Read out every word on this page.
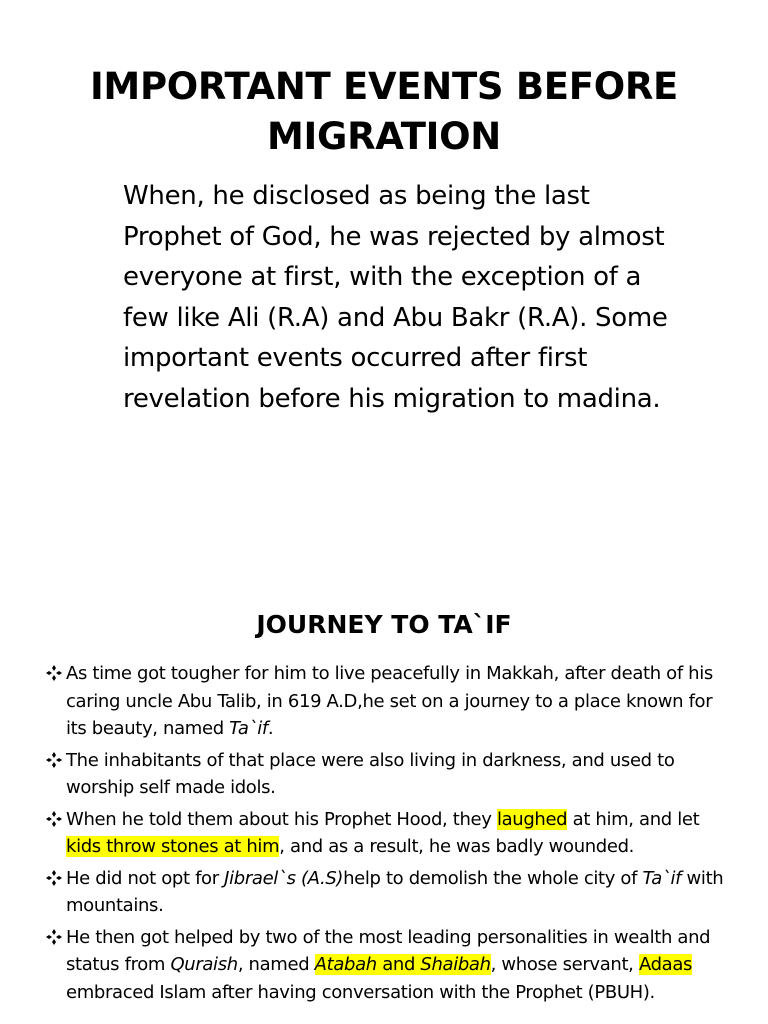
IMPORTANT EVENTS BEFORE MIGRATION
When, he disclosed as being the last Prophet of God, he was rejected by almost everyone at first, with the exception of a few like Ali (R.A) and Abu Bakr (R.A). Some important events occurred after first revelation before his migration to madina.
JOURNEY TO TA`IF
As time got tougher for him to live peacefully in Makkah, after death of his caring uncle Abu Talib, in 619 A.D,he set on a journey to a place known for its beauty, named Ta`if.
The inhabitants of that place were also living in darkness, and used to worship self made idols.
When he told them about his Prophet Hood, they laughed at him, and let kids throw stones at him, and as a result, he was badly wounded.
He did not opt for Jibrael`s (A.S)help to demolish the whole city of Ta`if with mountains.
He then got helped by two of the most leading personalities in wealth and status from Quraish, named Atabah and Shaibah, whose servant, Adaas embraced Islam after having conversation with the Prophet (PBUH).
